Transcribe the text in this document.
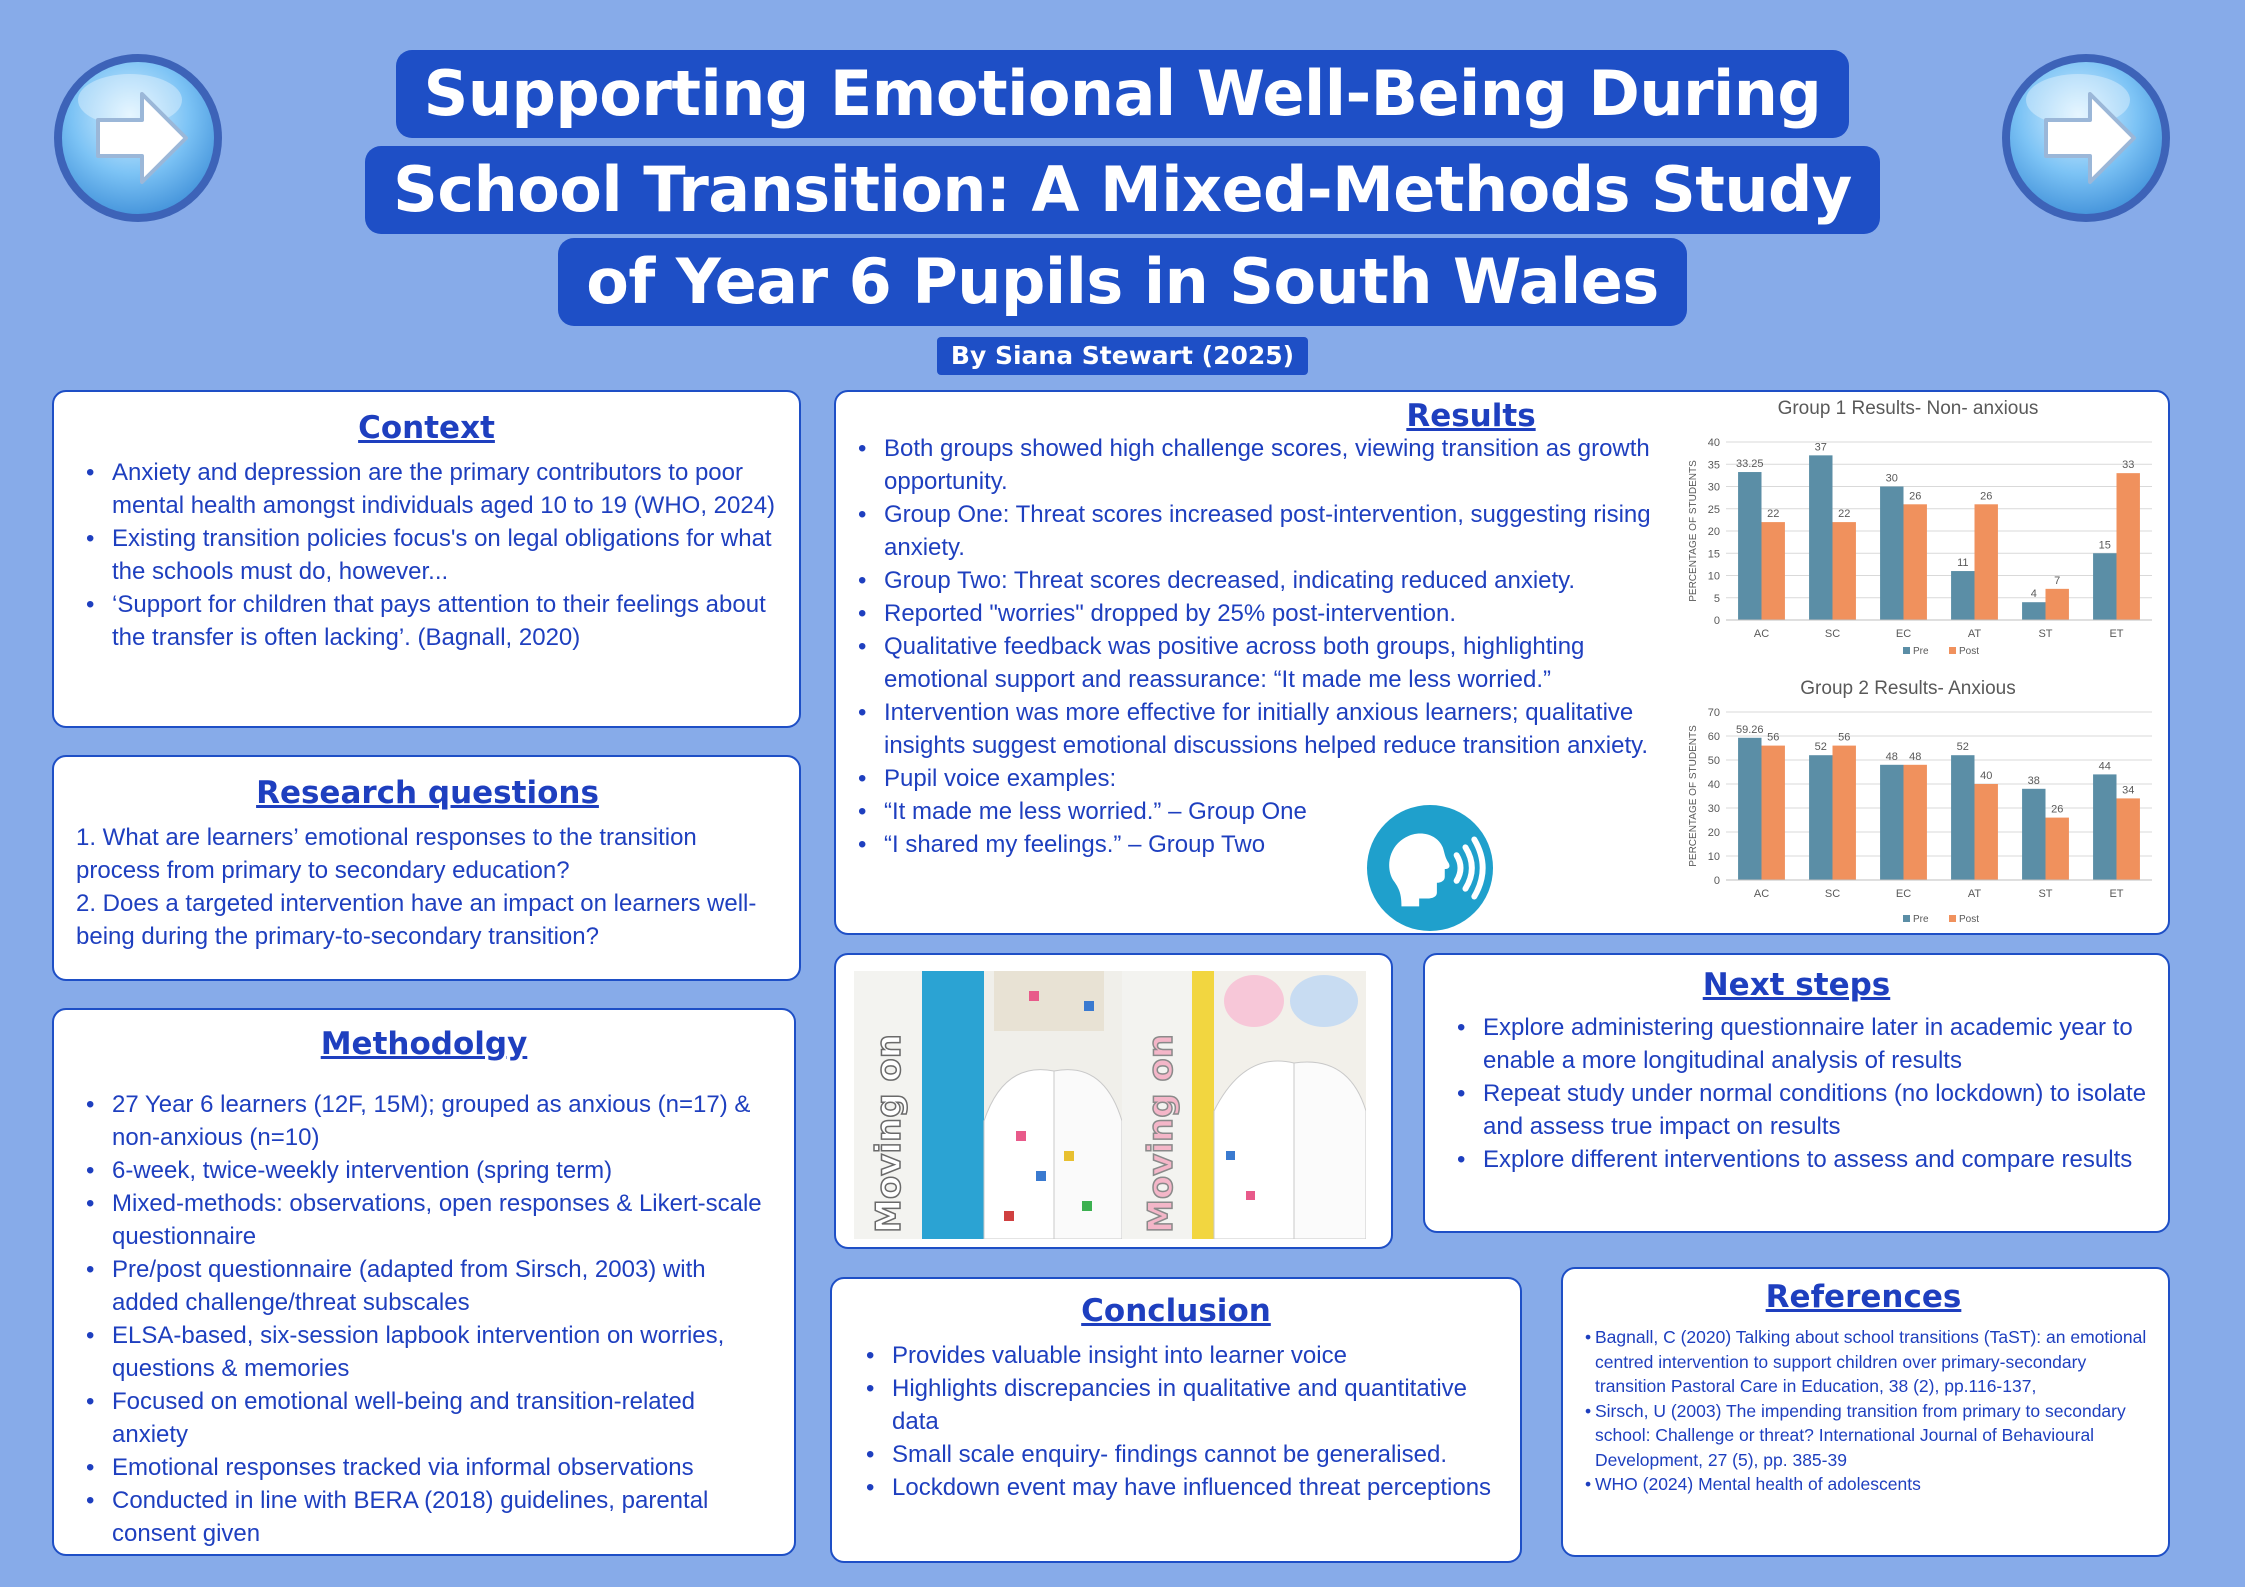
Supporting Emotional Well-Being During
School Transition: A Mixed-Methods Study
of Year 6 Pupils in South Wales
By Siana Stewart (2025)
Context
• Anxiety and depression are the primary contributors to poor mental health amongst individuals aged 10 to 19 (WHO, 2024)
• Existing transition policies focus's on legal obligations for what the schools must do, however...
• ‘Support for children that pays attention to their feelings about the transfer is often lacking’. (Bagnall, 2020)
Research questions

1. What are learners’ emotional responses to the transition process from primary to secondary education?

2. Does a targeted intervention have an impact on learners well-being during the primary-to-secondary transition?

Methodolgy
• 27 Year 6 learners (12F, 15M); grouped as anxious (n=17) & non-anxious (n=10)
• 6-week, twice-weekly intervention (spring term)
• Mixed-methods: observations, open responses & Likert-scale questionnaire
• Pre/post questionnaire (adapted from Sirsch, 2003) with added challenge/threat subscales
• ELSA-based, six-session lapbook intervention on worries, questions & memories
• Focused on emotional well-being and transition-related anxiety
• Emotional responses tracked via informal observations
• Conducted in line with BERA (2018) guidelines, parental consent given
Results
• Both groups showed high challenge scores, viewing transition as growth opportunity.
• Group One: Threat scores increased post-intervention, suggesting rising anxiety.
• Group Two: Threat scores decreased, indicating reduced anxiety.
• Reported "worries" dropped by 25% post-intervention.
• Qualitative feedback was positive across both groups, highlighting emotional support and reassurance: “It made me less worried.”
• Intervention was more effective for initially anxious learners; qualitative insights suggest emotional discussions helped reduce transition anxiety.
• Pupil voice examples:
• “It made me less worried.” – Group One
• “I shared my feelings.” – Group Two
Group 1 Results- Non- anxious
0
5
10
15
20
25
30
35
40
PERCENTAGE OF STUDENTS	33.25
22
AC
37
22
SC
30
26
EC
11
26
AT
4
7
ST
15
33
ET
Pre	Post
Group 2 Results- Anxious
0
10
20
30
40
50
60
70
PERCENTAGE OF STUDENTS	59.26
56
AC
52
56
SC
48 48
EC
52
40
AT
38
26
ST
44
34
ET
Pre	Post
Moving on	Moving on
Next steps
• Explore administering questionnaire later in academic year to enable a more longitudinal analysis of results
• Repeat study under normal conditions (no lockdown) to isolate and assess true impact on results
• Explore different interventions to assess and compare results
Conclusion
• Provides valuable insight into learner voice
• Highlights discrepancies in qualitative and quantitative data
• Small scale enquiry- findings cannot be generalised.
• Lockdown event may have influenced threat perceptions
References
• Bagnall, C (2020) Talking about school transitions (TaST): an emotional centred intervention to support children over primary-secondary transition Pastoral Care in Education, 38 (2), pp.116-137,
• Sirsch, U (2003) The impending transition from primary to secondary school: Challenge or threat? International Journal of Behavioural Development, 27 (5), pp. 385-39
• WHO (2024) Mental health of adolescents
